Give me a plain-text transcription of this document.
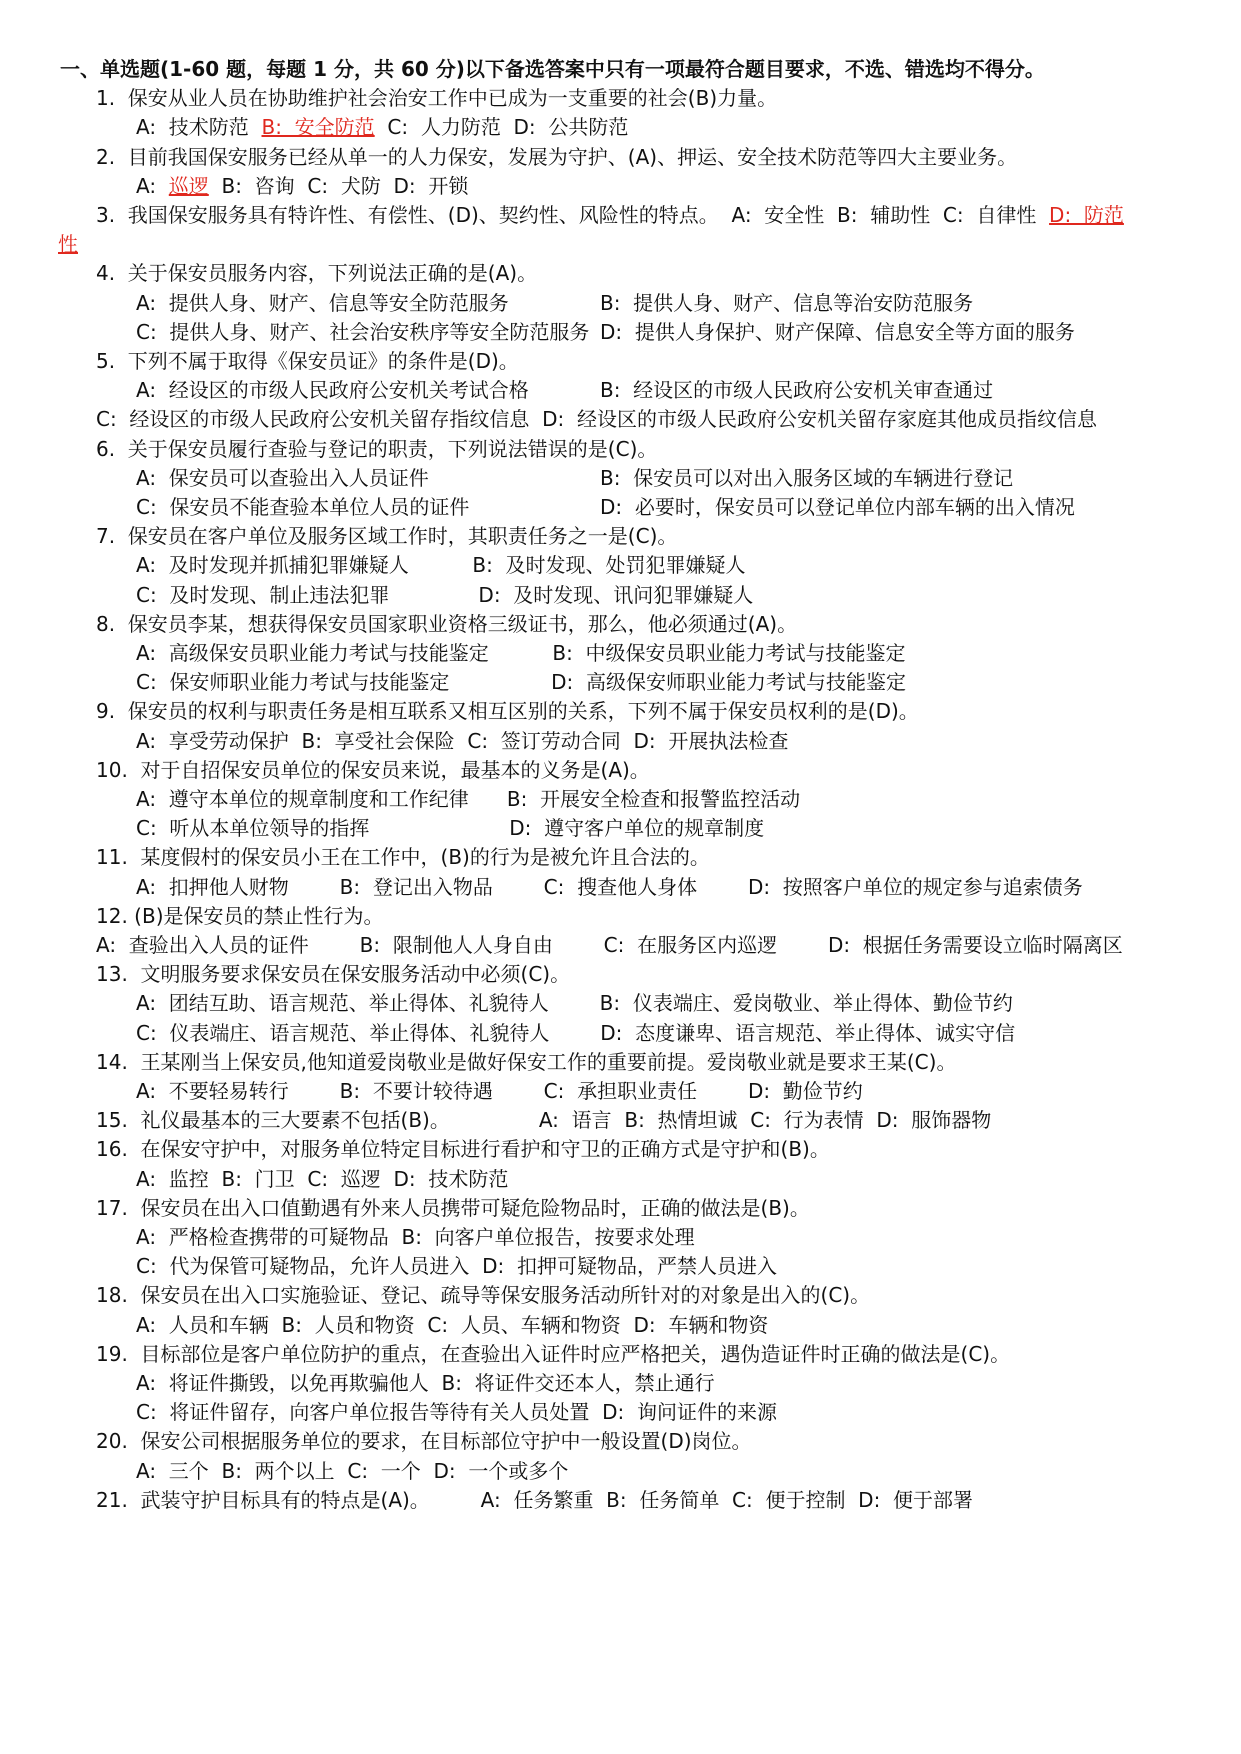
一、单选题(1-60 题，每题 1 分，共 60 分)以下备选答案中只有一项最符合题目要求，不选、错选均不得分。
1.  保安从业人员在协助维护社会治安工作中已成为一支重要的社会(B)力量。
A:  技术防范  B:  安全防范  C:  人力防范  D:  公共防范
2.  目前我国保安服务已经从单一的人力保安，发展为守护、(A)、押运、安全技术防范等四大主要业务。
A:  巡逻  B:  咨询  C:  犬防  D:  开锁
3.  我国保安服务具有特许性、有偿性、(D)、契约性、风险性的特点。  A:  安全性  B:  辅助性  C:  自律性  D:  防范
性
4.  关于保安员服务内容，下列说法正确的是(A)。
A:  提供人身、财产、信息等安全防范服务	B:  提供人身、财产、信息等治安防范服务
C:  提供人身、财产、社会治安秩序等安全防范服务 D:  提供人身保护、财产保障、信息安全等方面的服务
5.  下列不属于取得《保安员证》的条件是(D)。
A:  经设区的市级人民政府公安机关考试合格	B:  经设区的市级人民政府公安机关审查通过
C:  经设区的市级人民政府公安机关留存指纹信息  D:  经设区的市级人民政府公安机关留存家庭其他成员指纹信息
6.  关于保安员履行查验与登记的职责，下列说法错误的是(C)。
A:  保安员可以查验出入人员证件	B:  保安员可以对出入服务区域的车辆进行登记
C:  保安员不能查验本单位人员的证件	D:  必要时，保安员可以登记单位内部车辆的出入情况
7.  保安员在客户单位及服务区域工作时，其职责任务之一是(C)。
A:  及时发现并抓捕犯罪嫌疑人          B:  及时发现、处罚犯罪嫌疑人
C:  及时发现、制止违法犯罪              D:  及时发现、讯问犯罪嫌疑人
8.  保安员李某，想获得保安员国家职业资格三级证书，那么，他必须通过(A)。
A:  高级保安员职业能力考试与技能鉴定          B:  中级保安员职业能力考试与技能鉴定
C:  保安师职业能力考试与技能鉴定                D:  高级保安师职业能力考试与技能鉴定
9.  保安员的权利与职责任务是相互联系又相互区别的关系，下列不属于保安员权利的是(D)。
A:  享受劳动保护  B:  享受社会保险  C:  签订劳动合同  D:  开展执法检查
10.  对于自招保安员单位的保安员来说，最基本的义务是(A)。
A:  遵守本单位的规章制度和工作纪律      B:  开展安全检查和报警监控活动
C:  听从本单位领导的指挥                      D:  遵守客户单位的规章制度
11.  某度假村的保安员小王在工作中，(B)的行为是被允许且合法的。
A:  扣押他人财物        B:  登记出入物品        C:  搜查他人身体        D:  按照客户单位的规定参与追索债务
12. (B)是保安员的禁止性行为。
A:  查验出入人员的证件        B:  限制他人人身自由        C:  在服务区内巡逻        D:  根据任务需要设立临时隔离区
13.  文明服务要求保安员在保安服务活动中必须(C)。
A:  团结互助、语言规范、举止得体、礼貌待人        B:  仪表端庄、爱岗敬业、举止得体、勤俭节约
C:  仪表端庄、语言规范、举止得体、礼貌待人        D:  态度谦卑、语言规范、举止得体、诚实守信
14.  王某刚当上保安员,他知道爱岗敬业是做好保安工作的重要前提。爱岗敬业就是要求王某(C)。
A:  不要轻易转行        B:  不要计较待遇        C:  承担职业责任        D:  勤俭节约
15.  礼仪最基本的三大要素不包括(B)。              A:  语言  B:  热情坦诚  C:  行为表情  D:  服饰器物
16.  在保安守护中，对服务单位特定目标进行看护和守卫的正确方式是守护和(B)。
A:  监控  B:  门卫  C:  巡逻  D:  技术防范
17.  保安员在出入口值勤遇有外来人员携带可疑危险物品时，正确的做法是(B)。
A:  严格检查携带的可疑物品  B:  向客户单位报告，按要求处理
C:  代为保管可疑物品，允许人员进入  D:  扣押可疑物品，严禁人员进入
18.  保安员在出入口实施验证、登记、疏导等保安服务活动所针对的对象是出入的(C)。
A:  人员和车辆  B:  人员和物资  C:  人员、车辆和物资  D:  车辆和物资
19.  目标部位是客户单位防护的重点，在查验出入证件时应严格把关，遇伪造证件时正确的做法是(C)。
A:  将证件撕毁，以免再欺骗他人  B:  将证件交还本人，禁止通行
C:  将证件留存，向客户单位报告等待有关人员处置  D:  询问证件的来源
20.  保安公司根据服务单位的要求，在目标部位守护中一般设置(D)岗位。
A:  三个  B:  两个以上  C:  一个  D:  一个或多个
21.  武装守护目标具有的特点是(A)。        A:  任务繁重  B:  任务简单  C:  便于控制  D:  便于部署
